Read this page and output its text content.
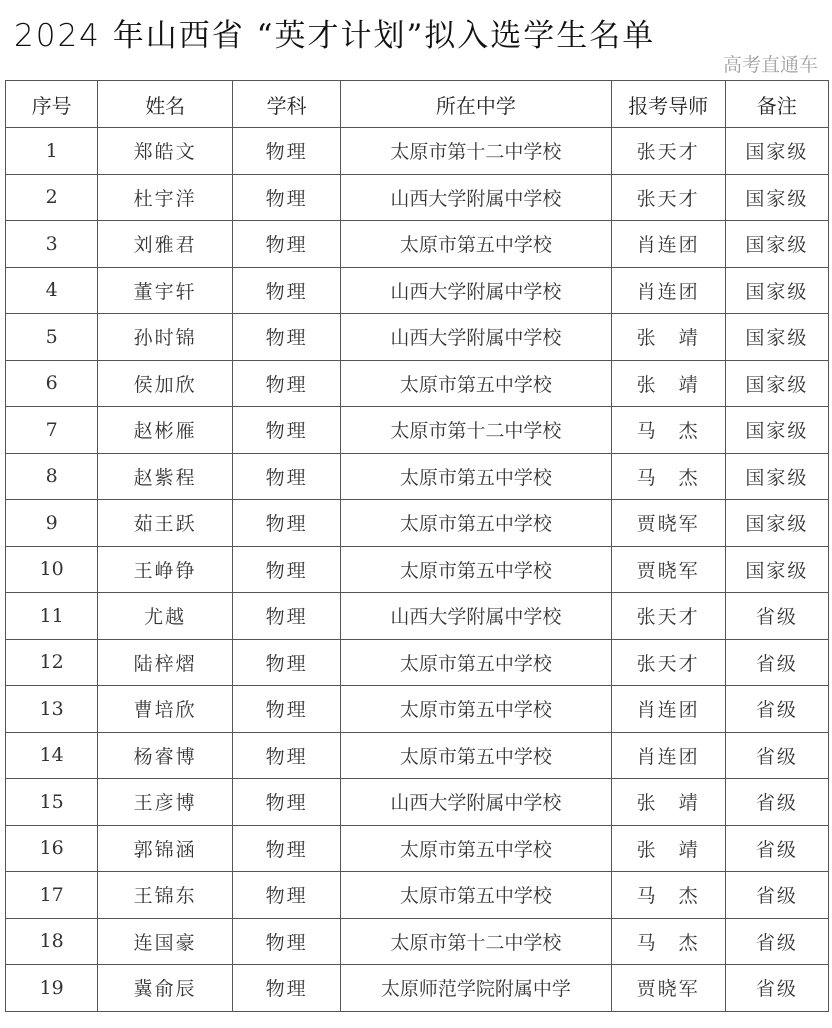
2024 年山西省 “英才计划”拟入选学生名单
高考直通车
序号	姓名	学科	所在中学	报考导师	备注
1	郑皓文	物理	太原市第十二中学校	张天才	国家级
2	杜宇洋	物理	山西大学附属中学校	张天才	国家级
3	刘雅君	物理	太原市第五中学校	肖连团	国家级
4	董宇轩	物理	山西大学附属中学校	肖连团	国家级
5	孙时锦	物理	山西大学附属中学校	张　靖	国家级
6	侯加欣	物理	太原市第五中学校	张　靖	国家级
7	赵彬雁	物理	太原市第十二中学校	马　杰	国家级
8	赵紫程	物理	太原市第五中学校	马　杰	国家级
9	茹王跃	物理	太原市第五中学校	贾晓军	国家级
10	王峥铮	物理	太原市第五中学校	贾晓军	国家级
11	尤越	物理	山西大学附属中学校	张天才	省级
12	陆梓熠	物理	太原市第五中学校	张天才	省级
13	曹培欣	物理	太原市第五中学校	肖连团	省级
14	杨睿博	物理	太原市第五中学校	肖连团	省级
15	王彦博	物理	山西大学附属中学校	张　靖	省级
16	郭锦涵	物理	太原市第五中学校	张　靖	省级
17	王锦东	物理	太原市第五中学校	马　杰	省级
18	连国豪	物理	太原市第十二中学校	马　杰	省级
19	冀俞辰	物理	太原师范学院附属中学	贾晓军	省级
